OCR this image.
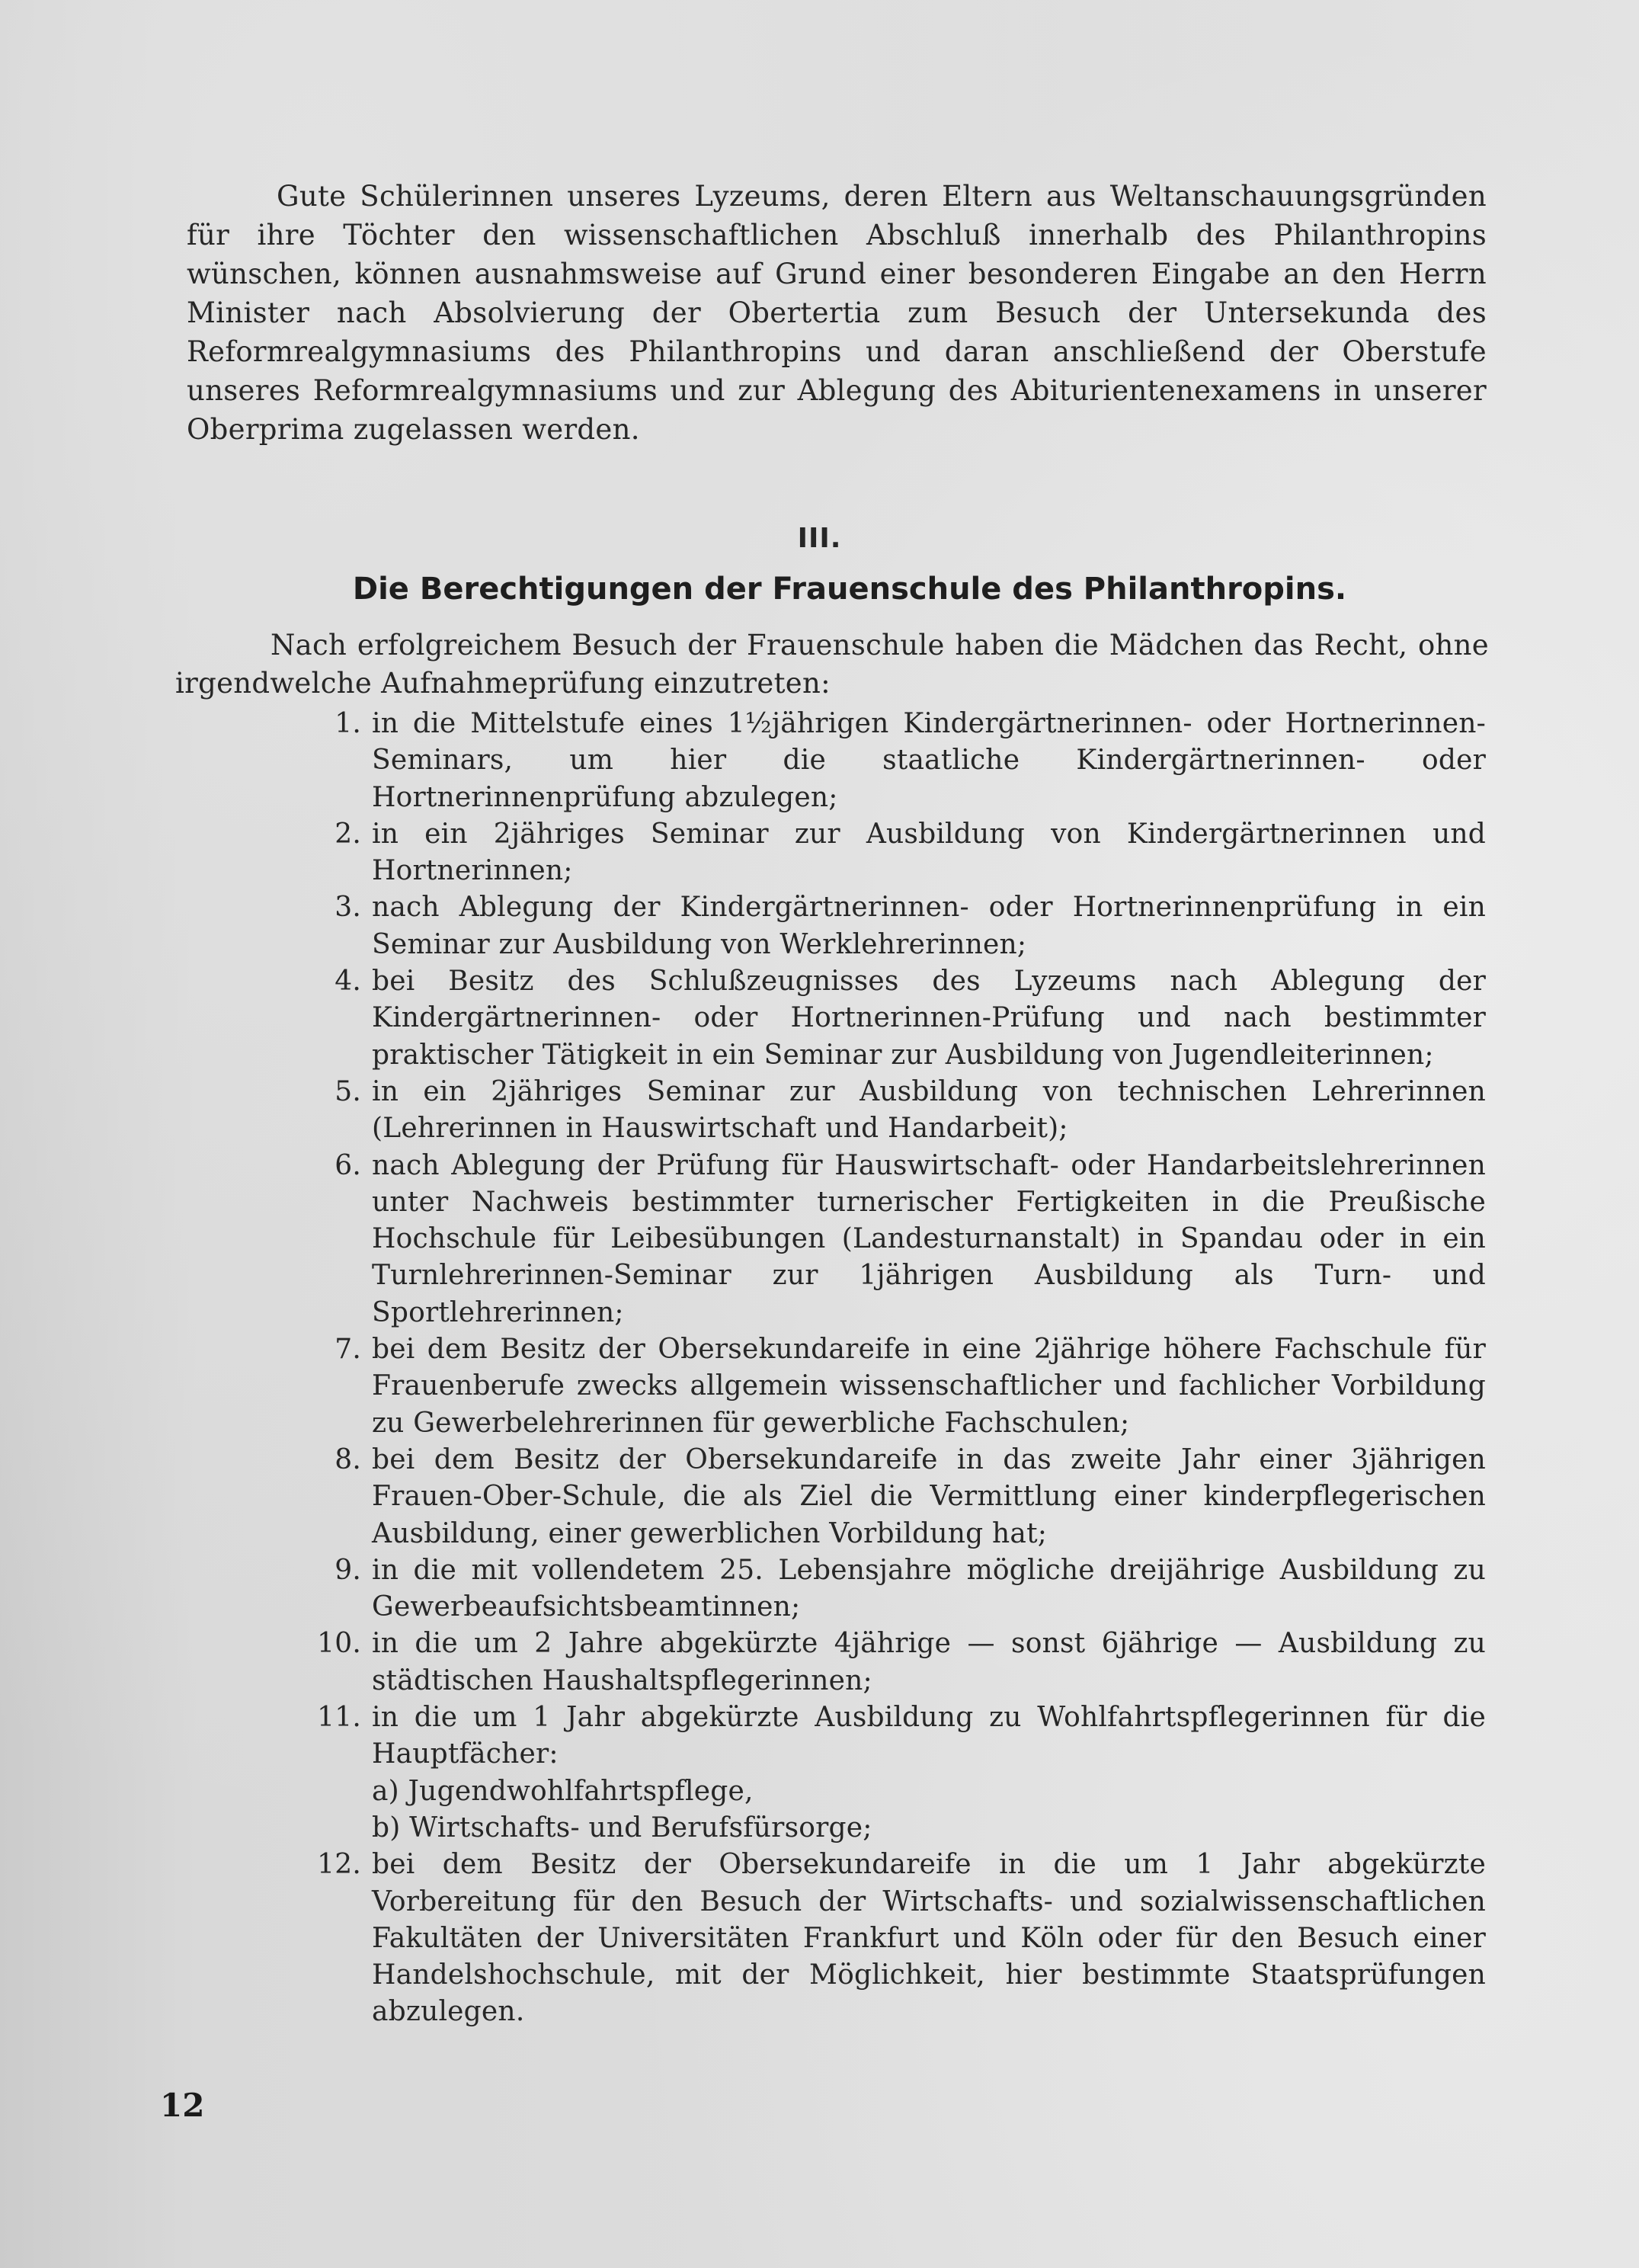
Gute Schülerinnen unseres Lyzeums, deren Eltern aus Weltanschauungsgründen für ihre Töchter den wissenschaftlichen Abschluß innerhalb des Philanthropins wünschen, können ausnahmsweise auf Grund einer besonderen Eingabe an den Herrn Minister nach Absolvierung der Obertertia zum Besuch der Untersekunda des Reformrealgymnasiums des Philanthropins und daran anschließend der Oberstufe unseres Reformrealgymnasiums und zur Ablegung des Abiturientenexamens in unserer Oberprima zugelassen werden.

III.
Die Berechtigungen der Frauenschule des Philanthropins.

Nach erfolgreichem Besuch der Frauenschule haben die Mädchen das Recht, ohne irgendwelche Aufnahmeprüfung einzutreten:

1. in die Mittelstufe eines 1½jährigen Kindergärtnerinnen- oder Hortnerinnen-Seminars, um hier die staatliche Kindergärtnerinnen- oder Hortnerinnenprüfung abzulegen;
2. in ein 2jähriges Seminar zur Ausbildung von Kindergärtnerinnen und Hortnerinnen;
3. nach Ablegung der Kindergärtnerinnen- oder Hortnerinnenprüfung in ein Seminar zur Ausbildung von Werklehrerinnen;
4. bei Besitz des Schlußzeugnisses des Lyzeums nach Ablegung der Kindergärtnerinnen- oder Hortnerinnen-Prüfung und nach bestimmter praktischer Tätigkeit in ein Seminar zur Ausbildung von Jugendleiterinnen;
5. in ein 2jähriges Seminar zur Ausbildung von technischen Lehrerinnen (Lehrerinnen in Hauswirtschaft und Handarbeit);
6. nach Ablegung der Prüfung für Hauswirtschaft- oder Handarbeitslehrerinnen unter Nachweis bestimmter turnerischer Fertigkeiten in die Preußische Hochschule für Leibesübungen (Landesturnanstalt) in Spandau oder in ein Turnlehrerinnen-Seminar zur 1jährigen Ausbildung als Turn- und Sportlehrerinnen;
7. bei dem Besitz der Obersekundareife in eine 2jährige höhere Fachschule für Frauenberufe zwecks allgemein wissenschaftlicher und fachlicher Vorbildung zu Gewerbelehrerinnen für gewerbliche Fachschulen;
8. bei dem Besitz der Obersekundareife in das zweite Jahr einer 3jährigen Frauen-Ober-Schule, die als Ziel die Vermittlung einer kinderpflegerischen Ausbildung, einer gewerblichen Vorbildung hat;
9. in die mit vollendetem 25. Lebensjahre mögliche dreijährige Ausbildung zu Gewerbeaufsichtsbeamtinnen;
10. in die um 2 Jahre abgekürzte 4jährige — sonst 6jährige — Ausbildung zu städtischen Haushaltspflegerinnen;
11. in die um 1 Jahr abgekürzte Ausbildung zu Wohlfahrtspflegerinnen für die Hauptfächer:
a) Jugendwohlfahrtspflege,
b) Wirtschafts- und Berufsfürsorge;
12. bei dem Besitz der Obersekundareife in die um 1 Jahr abgekürzte Vorbereitung für den Besuch der Wirtschafts- und sozialwissenschaftlichen Fakultäten der Universitäten Frankfurt und Köln oder für den Besuch einer Handelshochschule, mit der Möglichkeit, hier bestimmte Staatsprüfungen abzulegen.
12
